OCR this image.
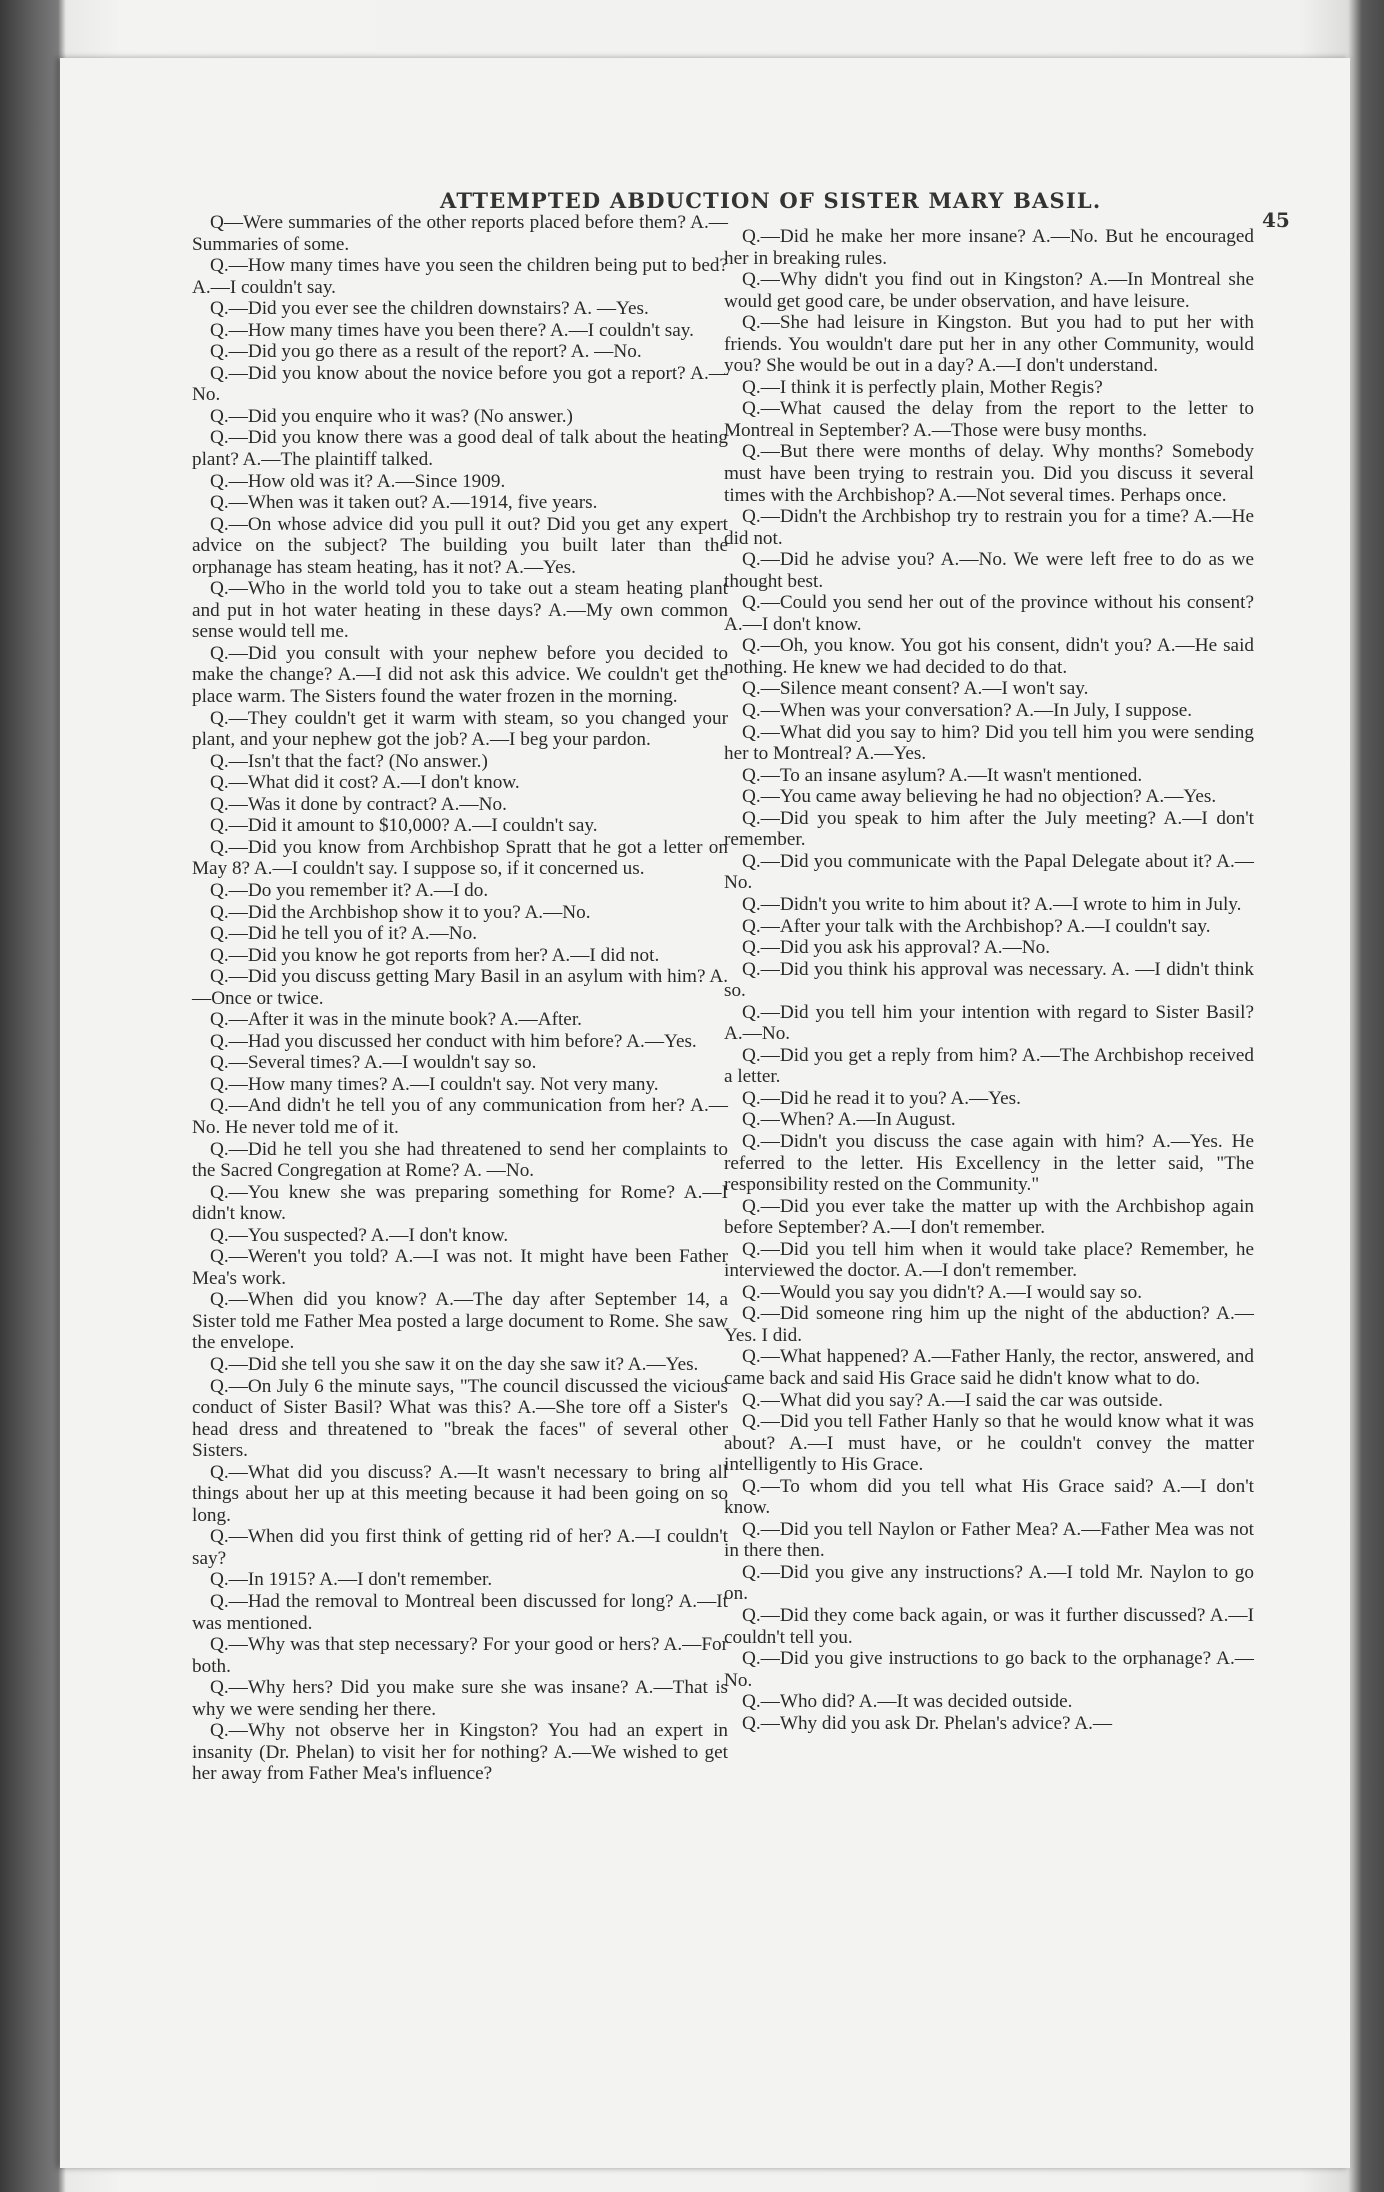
ATTEMPTED ABDUCTION OF SISTER MARY BASIL.
45

Q—Were summaries of the other reports placed before them? A.—Summaries of some.

Q.—How many times have you seen the children being put to bed? A.—I couldn't say.

Q.—Did you ever see the children downstairs? A. —Yes.

Q.—How many times have you been there? A.—I couldn't say.

Q.—Did you go there as a result of the report? A. —No.

Q.—Did you know about the novice before you got a report? A.—No.

Q.—Did you enquire who it was? (No answer.)

Q.—Did you know there was a good deal of talk about the heating plant? A.—The plaintiff talked.

Q.—How old was it? A.—Since 1909.

Q.—When was it taken out? A.—1914, five years.

Q.—On whose advice did you pull it out? Did you get any expert advice on the subject? The building you built later than the orphanage has steam heating, has it not? A.—Yes.

Q.—Who in the world told you to take out a steam heating plant and put in hot water heating in these days? A.—My own common sense would tell me.

Q.—Did you consult with your nephew before you decided to make the change? A.—I did not ask this advice. We couldn't get the place warm. The Sisters found the water frozen in the morning.

Q.—They couldn't get it warm with steam, so you changed your plant, and your nephew got the job? A.—I beg your pardon.

Q.—Isn't that the fact? (No answer.)

Q.—What did it cost? A.—I don't know.

Q.—Was it done by contract? A.—No.

Q.—Did it amount to $10,000? A.—I couldn't say.

Q.—Did you know from Archbishop Spratt that he got a letter on May 8? A.—I couldn't say. I suppose so, if it concerned us.

Q.—Do you remember it? A.—I do.

Q.—Did the Archbishop show it to you? A.—No.

Q.—Did he tell you of it? A.—No.

Q.—Did you know he got reports from her? A.—I did not.

Q.—Did you discuss getting Mary Basil in an asylum with him? A.—Once or twice.

Q.—After it was in the minute book? A.—After.

Q.—Had you discussed her conduct with him before? A.—Yes.

Q.—Several times? A.—I wouldn't say so.

Q.—How many times? A.—I couldn't say. Not very many.

Q.—And didn't he tell you of any communication from her? A.—No. He never told me of it.

Q.—Did he tell you she had threatened to send her complaints to the Sacred Congregation at Rome? A. —No.

Q.—You knew she was preparing something for Rome? A.—I didn't know.

Q.—You suspected? A.—I don't know.

Q.—Weren't you told? A.—I was not. It might have been Father Mea's work.

Q.—When did you know? A.—The day after September 14, a Sister told me Father Mea posted a large document to Rome. She saw the envelope.

Q.—Did she tell you she saw it on the day she saw it? A.—Yes.

Q.—On July 6 the minute says, "The council discussed the vicious conduct of Sister Basil? What was this? A.—She tore off a Sister's head dress and threatened to "break the faces" of several other Sisters.

Q.—What did you discuss? A.—It wasn't necessary to bring all things about her up at this meeting because it had been going on so long.

Q.—When did you first think of getting rid of her? A.—I couldn't say?

Q.—In 1915? A.—I don't remember.

Q.—Had the removal to Montreal been discussed for long? A.—It was mentioned.

Q.—Why was that step necessary? For your good or hers? A.—For both.

Q.—Why hers? Did you make sure she was insane? A.—That is why we were sending her there.

Q.—Why not observe her in Kingston? You had an expert in insanity (Dr. Phelan) to visit her for nothing? A.—We wished to get her away from Father Mea's influence?

Q.—Did he make her more insane? A.—No. But he encouraged her in breaking rules.

Q.—Why didn't you find out in Kingston? A.—In Montreal she would get good care, be under observation, and have leisure.

Q.—She had leisure in Kingston. But you had to put her with friends. You wouldn't dare put her in any other Community, would you? She would be out in a day? A.—I don't understand.

Q.—I think it is perfectly plain, Mother Regis?

Q.—What caused the delay from the report to the letter to Montreal in September? A.—Those were busy months.

Q.—But there were months of delay. Why months? Somebody must have been trying to restrain you. Did you discuss it several times with the Archbishop? A.—Not several times. Perhaps once.

Q.—Didn't the Archbishop try to restrain you for a time? A.—He did not.

Q.—Did he advise you? A.—No. We were left free to do as we thought best.

Q.—Could you send her out of the province without his consent? A.—I don't know.

Q.—Oh, you know. You got his consent, didn't you? A.—He said nothing. He knew we had decided to do that.

Q.—Silence meant consent? A.—I won't say.

Q.—When was your conversation? A.—In July, I suppose.

Q.—What did you say to him? Did you tell him you were sending her to Montreal? A.—Yes.

Q.—To an insane asylum? A.—It wasn't mentioned.

Q.—You came away believing he had no objection? A.—Yes.

Q.—Did you speak to him after the July meeting? A.—I don't remember.

Q.—Did you communicate with the Papal Delegate about it? A.—No.

Q.—Didn't you write to him about it? A.—I wrote to him in July.

Q.—After your talk with the Archbishop? A.—I couldn't say.

Q.—Did you ask his approval? A.—No.

Q.—Did you think his approval was necessary. A. —I didn't think so.

Q.—Did you tell him your intention with regard to Sister Basil? A.—No.

Q.—Did you get a reply from him? A.—The Archbishop received a letter.

Q.—Did he read it to you? A.—Yes.

Q.—When? A.—In August.

Q.—Didn't you discuss the case again with him? A.—Yes. He referred to the letter. His Excellency in the letter said, "The responsibility rested on the Community."

Q.—Did you ever take the matter up with the Archbishop again before September? A.—I don't remember.

Q.—Did you tell him when it would take place? Remember, he interviewed the doctor. A.—I don't remember.

Q.—Would you say you didn't? A.—I would say so.

Q.—Did someone ring him up the night of the abduction? A.—Yes. I did.

Q.—What happened? A.—Father Hanly, the rector, answered, and came back and said His Grace said he didn't know what to do.

Q.—What did you say? A.—I said the car was outside.

Q.—Did you tell Father Hanly so that he would know what it was about? A.—I must have, or he couldn't convey the matter intelligently to His Grace.

Q.—To whom did you tell what His Grace said? A.—I don't know.

Q.—Did you tell Naylon or Father Mea? A.—Father Mea was not in there then.

Q.—Did you give any instructions? A.—I told Mr. Naylon to go on.

Q.—Did they come back again, or was it further discussed? A.—I couldn't tell you.

Q.—Did you give instructions to go back to the orphanage? A.—No.

Q.—Who did? A.—It was decided outside.

Q.—Why did you ask Dr. Phelan's advice? A.—
